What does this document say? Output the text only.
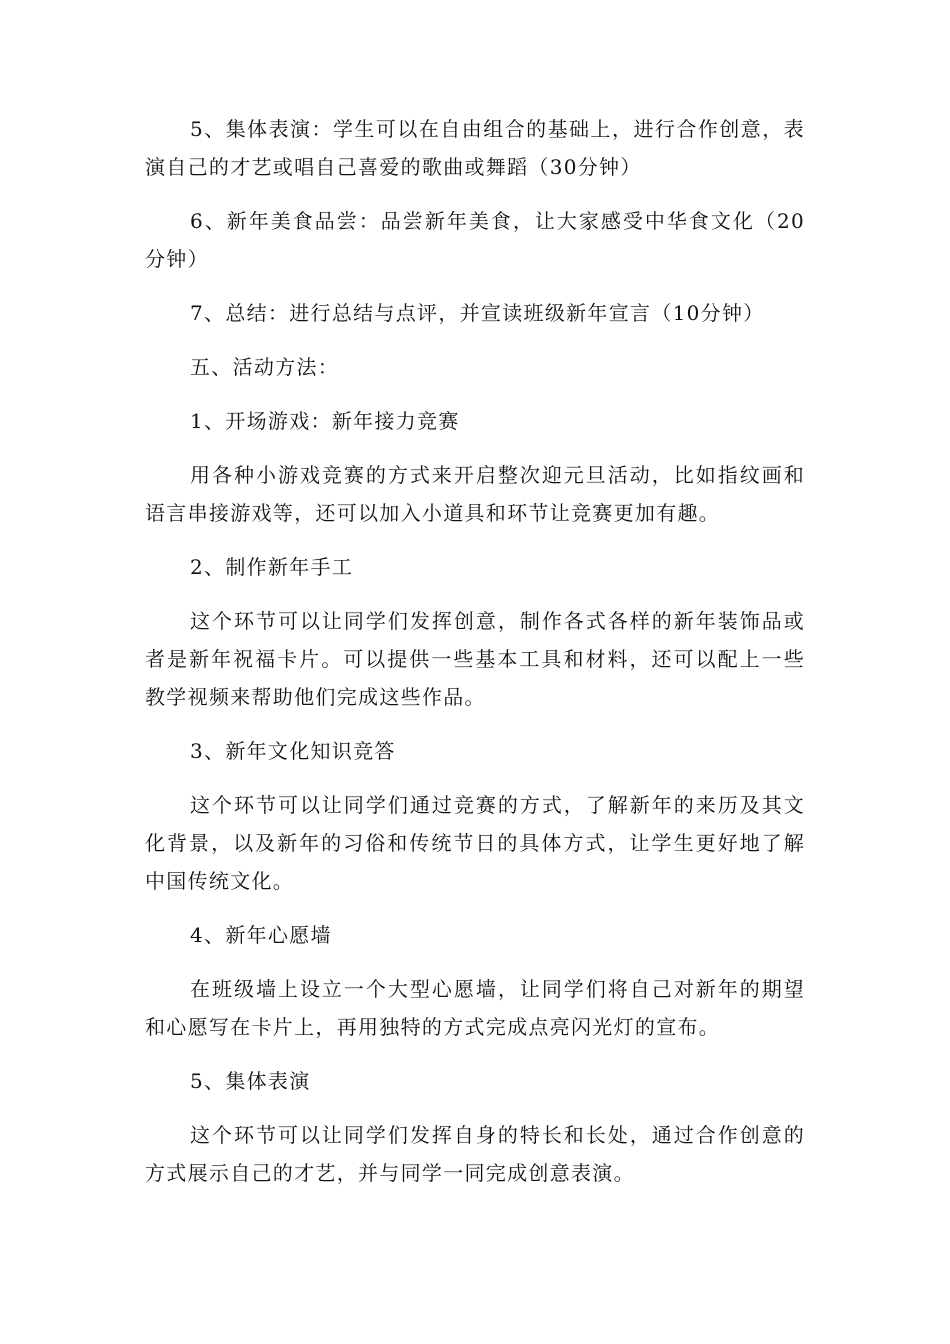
5、集体表演：学生可以在自由组合的基础上，进行合作创意，表演自己的才艺或唱自己喜爱的歌曲或舞蹈（30分钟）

6、新年美食品尝：品尝新年美食，让大家感受中华食文化（20分钟）

7、总结：进行总结与点评，并宣读班级新年宣言（10分钟）

五、活动方法：

1、开场游戏：新年接力竞赛

用各种小游戏竞赛的方式来开启整次迎元旦活动，比如指纹画和语言串接游戏等，还可以加入小道具和环节让竞赛更加有趣。

2、制作新年手工

这个环节可以让同学们发挥创意，制作各式各样的新年装饰品或者是新年祝福卡片。可以提供一些基本工具和材料，还可以配上一些教学视频来帮助他们完成这些作品。

3、新年文化知识竞答

这个环节可以让同学们通过竞赛的方式，了解新年的来历及其文化背景，以及新年的习俗和传统节日的具体方式，让学生更好地了解中国传统文化。

4、新年心愿墙

在班级墙上设立一个大型心愿墙，让同学们将自己对新年的期望和心愿写在卡片上，再用独特的方式完成点亮闪光灯的宣布。

5、集体表演

这个环节可以让同学们发挥自身的特长和长处，通过合作创意的方式展示自己的才艺，并与同学一同完成创意表演。
